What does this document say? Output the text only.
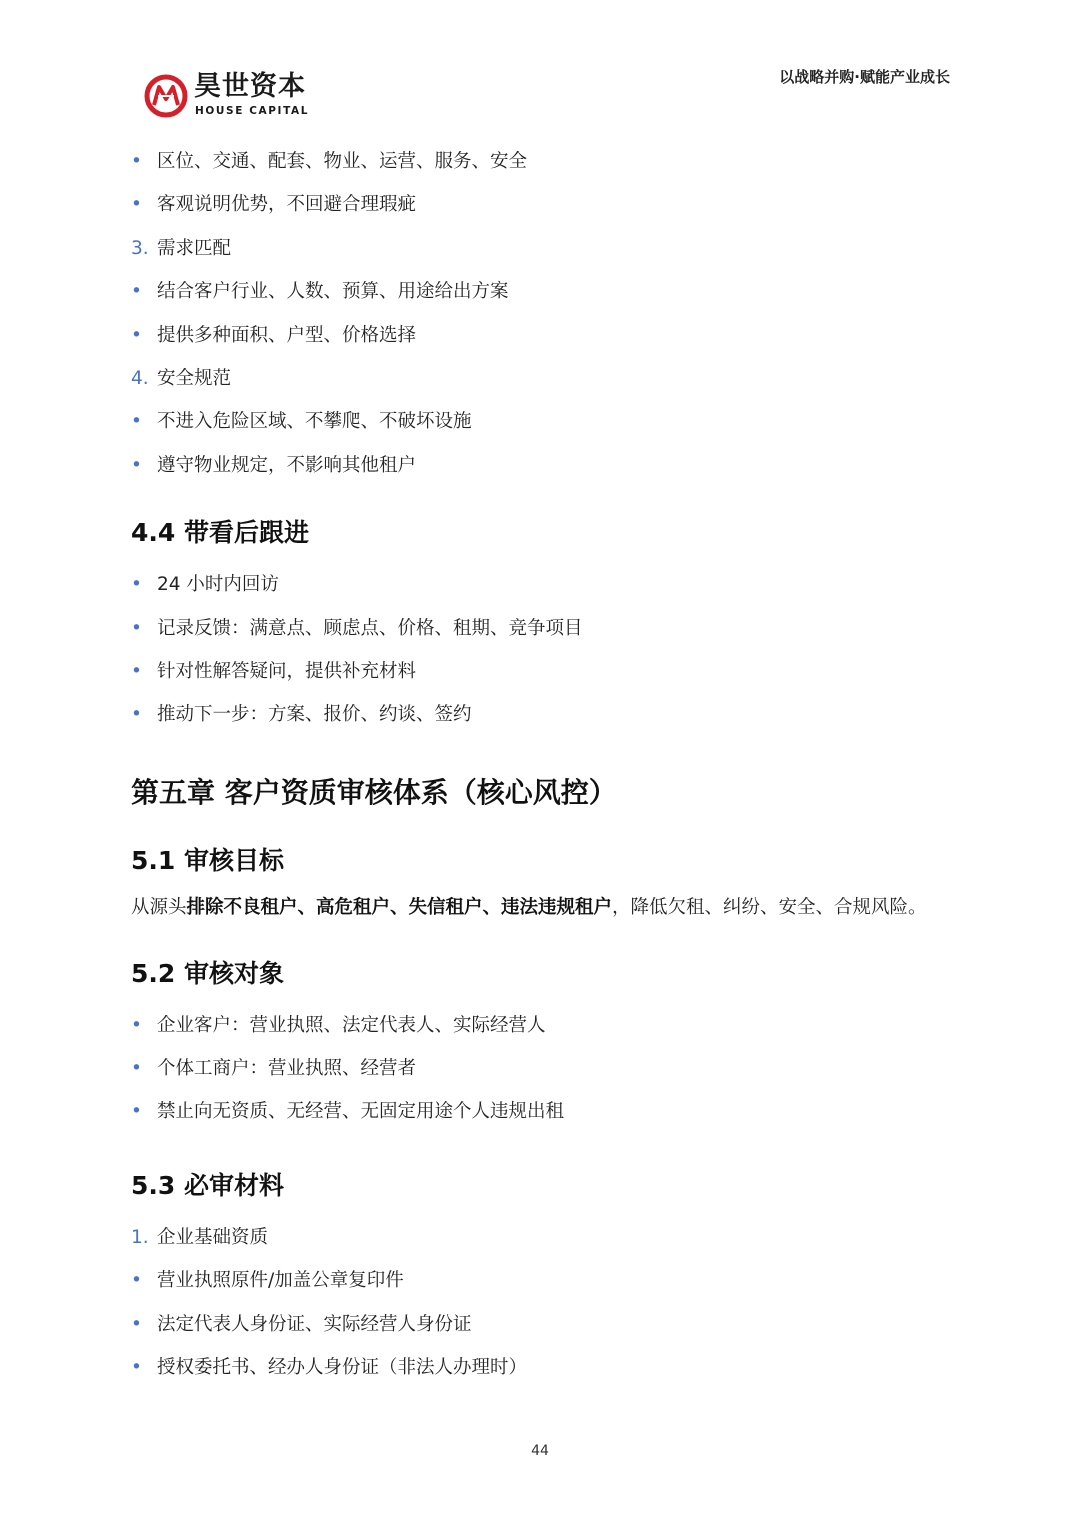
昊世资本
HOUSE CAPITAL
以战略并购·赋能产业成长
• 区位、交通、配套、物业、运营、服务、安全
• 客观说明优势，不回避合理瑕疵
3. 需求匹配
• 结合客户行业、人数、预算、用途给出方案
• 提供多种面积、户型、价格选择
4. 安全规范
• 不进入危险区域、不攀爬、不破坏设施
• 遵守物业规定，不影响其他租户
4.4 带看后跟进
• 24 小时内回访
• 记录反馈：满意点、顾虑点、价格、租期、竞争项目
• 针对性解答疑问，提供补充材料
• 推动下一步：方案、报价、约谈、签约
第五章 客户资质审核体系（核心风控）
5.1 审核目标
从源头排除不良租户、高危租户、失信租户、违法违规租户，降低欠租、纠纷、安全、合规风险。
5.2 审核对象
• 企业客户：营业执照、法定代表人、实际经营人
• 个体工商户：营业执照、经营者
• 禁止向无资质、无经营、无固定用途个人违规出租
5.3 必审材料
1. 企业基础资质
• 营业执照原件/加盖公章复印件
• 法定代表人身份证、实际经营人身份证
• 授权委托书、经办人身份证（非法人办理时）
44
